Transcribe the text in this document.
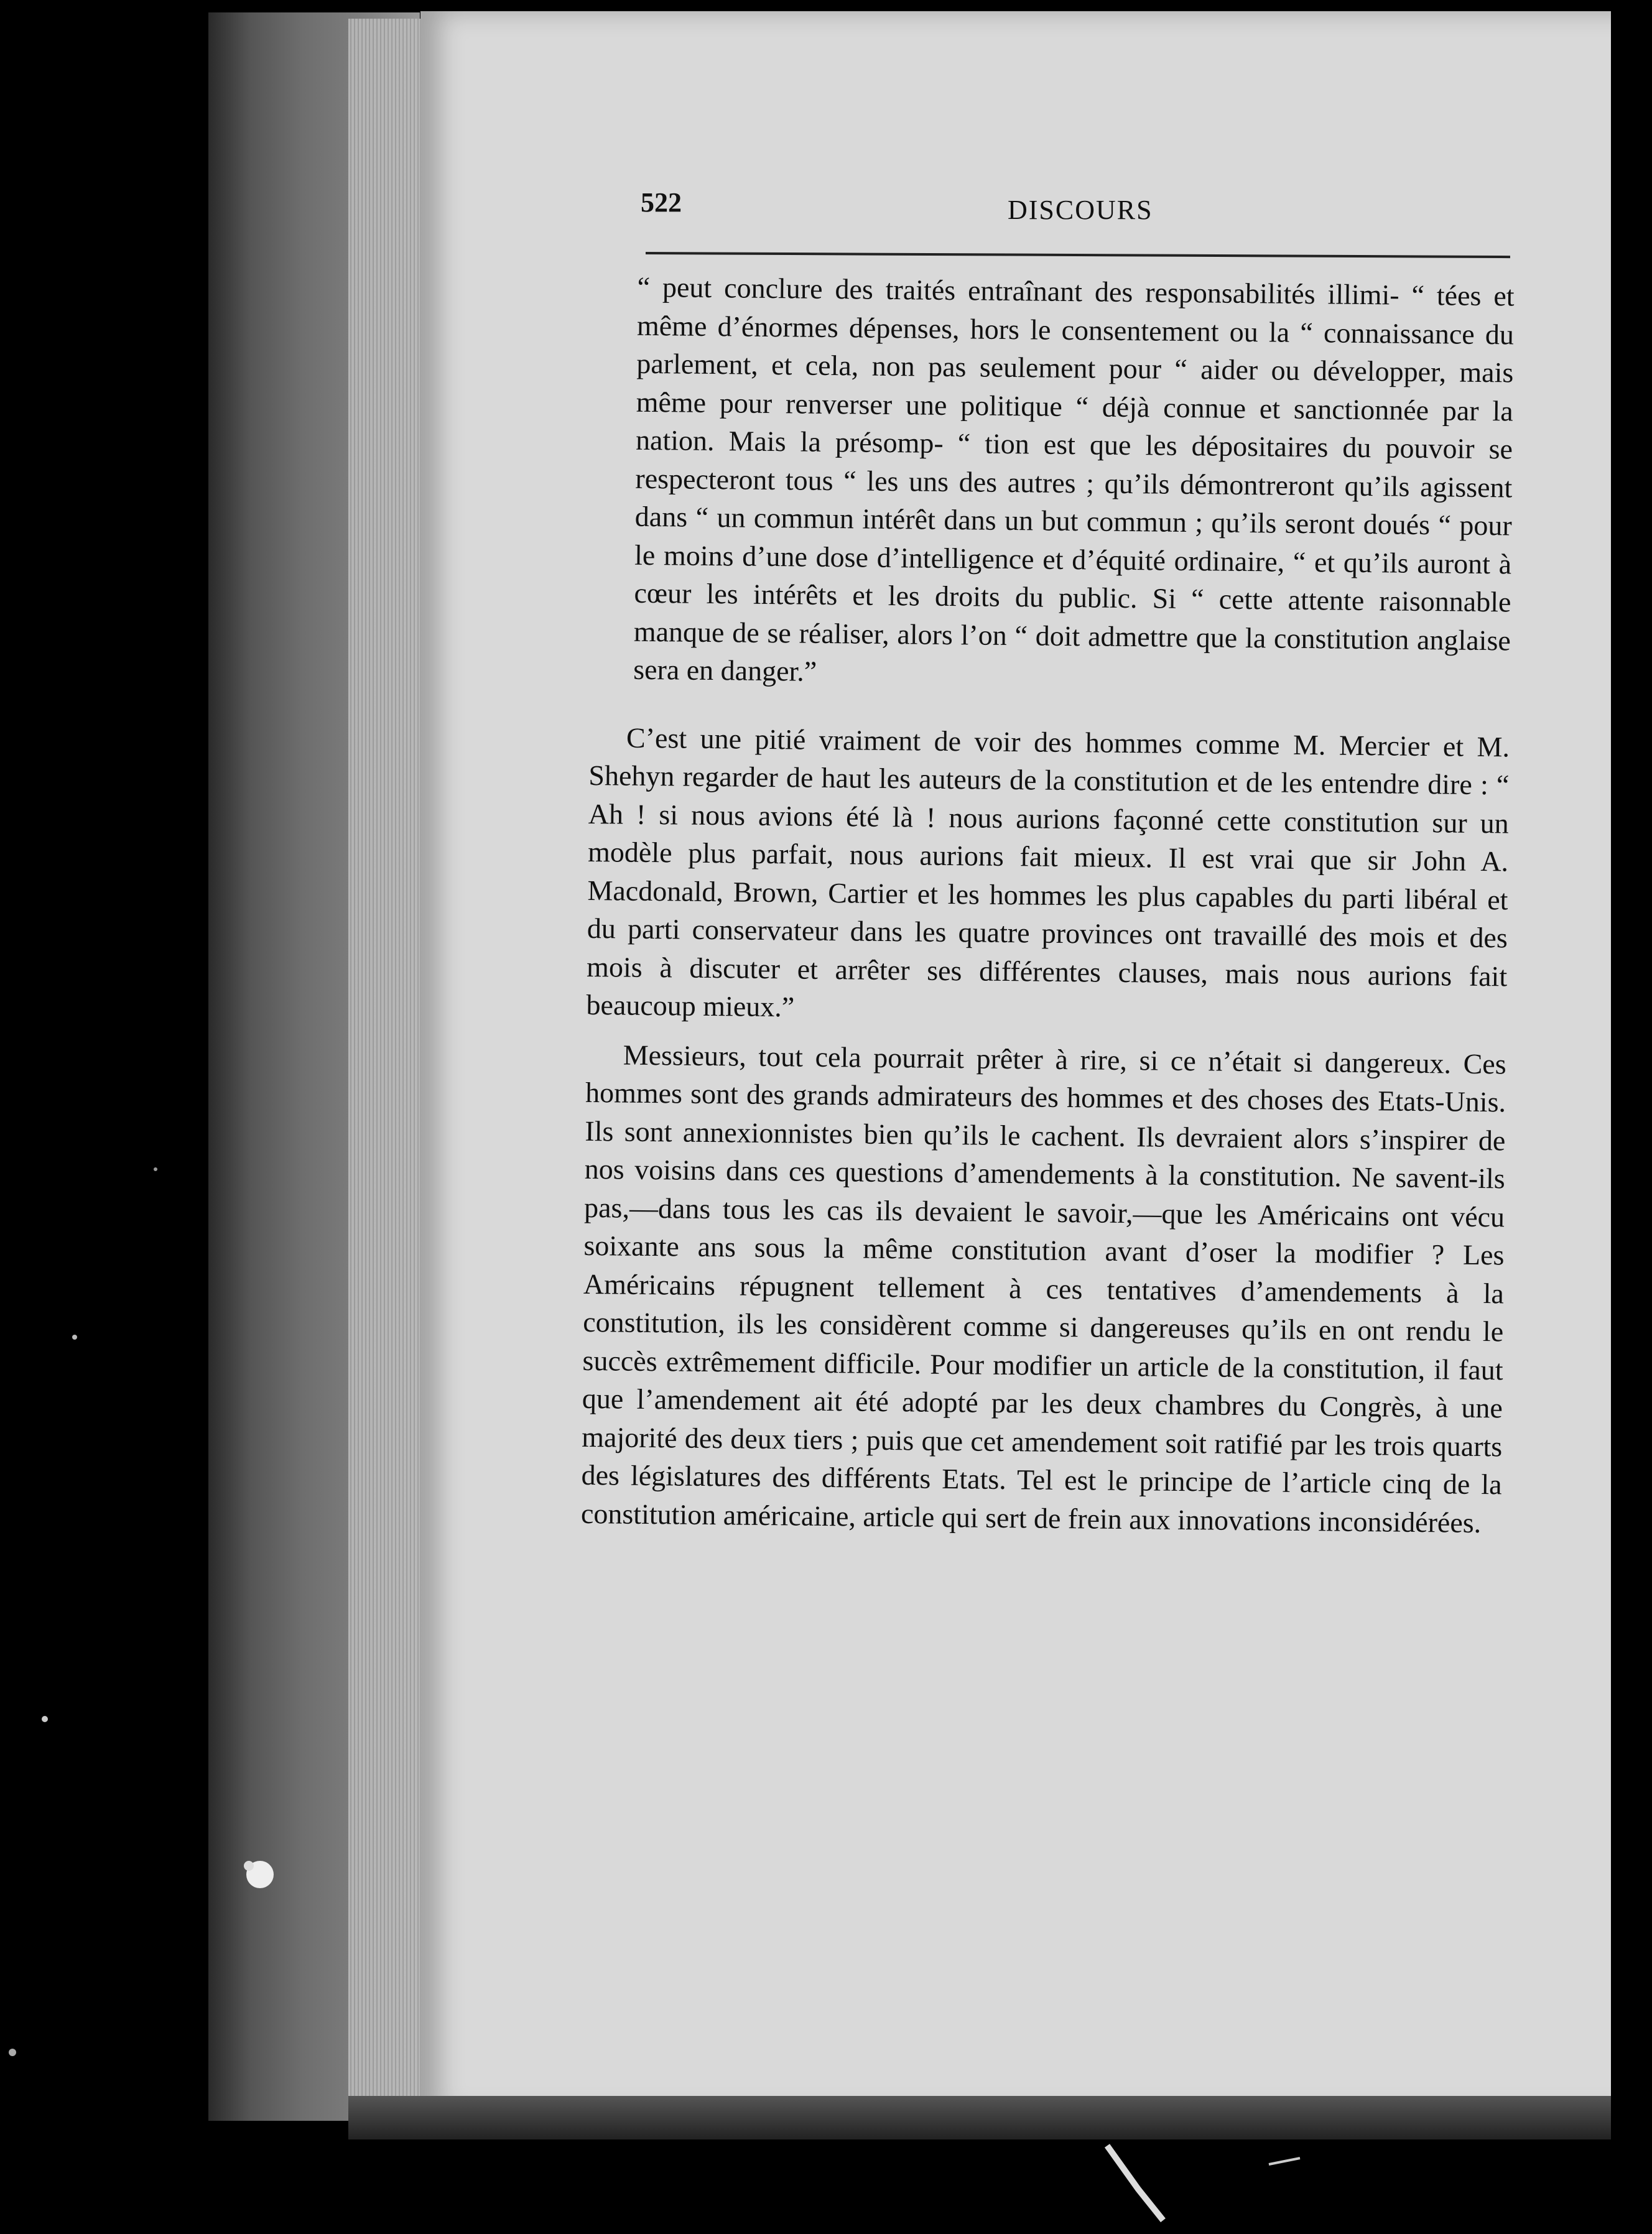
522	DISCOURS

“ peut conclure des traités entraînant des responsabilités illimi- “ tées et même d’énormes dépenses, hors le consentement ou la “ connaissance du parlement, et cela, non pas seulement pour “ aider ou développer, mais même pour renverser une politique “ déjà connue et sanctionnée par la nation. Mais la présomp- “ tion est que les dépositaires du pouvoir se respecteront tous “ les uns des autres ; qu’ils démontreront qu’ils agissent dans “ un commun intérêt dans un but commun ; qu’ils seront doués “ pour le moins d’une dose d’intelligence et d’équité ordinaire, “ et qu’ils auront à cœur les intérêts et les droits du public. Si “ cette attente raisonnable manque de se réaliser, alors l’on “ doit admettre que la constitution anglaise sera en danger.”

C’est une pitié vraiment de voir des hommes comme M. Mercier et M. Shehyn regarder de haut les auteurs de la constitution et de les entendre dire : “ Ah ! si nous avions été là ! nous aurions façonné cette constitution sur un modèle plus parfait, nous aurions fait mieux. Il est vrai que sir John A. Macdonald, Brown, Cartier et les hommes les plus capables du parti libéral et du parti conservateur dans les quatre provinces ont travaillé des mois et des mois à discuter et arrêter ses différentes clauses, mais nous aurions fait beaucoup mieux.”

Messieurs, tout cela pourrait prêter à rire, si ce n’était si dangereux. Ces hommes sont des grands admirateurs des hommes et des choses des Etats-Unis. Ils sont annexionnistes bien qu’ils le cachent. Ils devraient alors s’inspirer de nos voisins dans ces questions d’amendements à la constitution. Ne savent-ils pas,—dans tous les cas ils devaient le savoir,—que les Américains ont vécu soixante ans sous la même constitution avant d’oser la modifier ? Les Américains répugnent tellement à ces tentatives d’amendements à la constitution, ils les considèrent comme si dangereuses qu’ils en ont rendu le succès extrêmement difficile. Pour modifier un article de la constitution, il faut que l’amendement ait été adopté par les deux chambres du Congrès, à une majorité des deux tiers ; puis que cet amendement soit ratifié par les trois quarts des législatures des différents Etats. Tel est le principe de l’article cinq de la constitution américaine, article qui sert de frein aux innovations inconsidérées.
